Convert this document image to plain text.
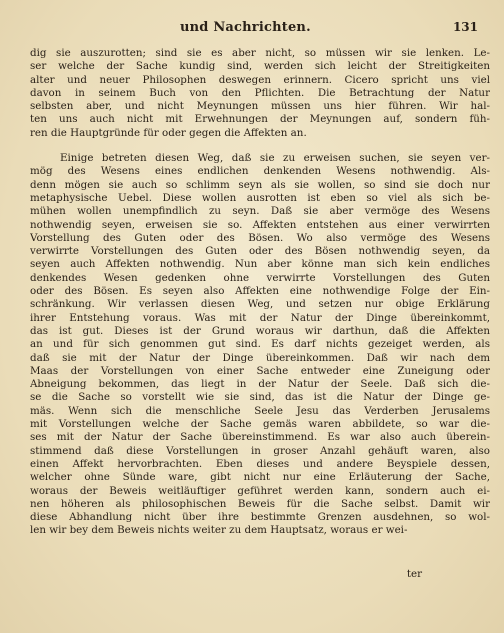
und Nachrichten.	131
dig sie auszurotten; sind sie es aber nicht, so müssen wir sie lenken. Le-
ser welche der Sache kundig sind, werden sich leicht der Streitigkeiten
alter und neuer Philosophen deswegen erinnern. Cicero spricht uns viel
davon in seinem Buch von den Pflichten. Die Betrachtung der Natur
selbsten aber, und nicht Meynungen müssen uns hier führen. Wir hal-
ten uns auch nicht mit Erwehnungen der Meynungen auf, sondern füh-
ren die Hauptgründe für oder gegen die Affekten an.
Einige betreten diesen Weg, daß sie zu erweisen suchen, sie seyen ver-
mög des Wesens eines endlichen denkenden Wesens nothwendig. Als-
denn mögen sie auch so schlimm seyn als sie wollen, so sind sie doch nur
metaphysische Uebel. Diese wollen ausrotten ist eben so viel als sich be-
mühen wollen unempfindlich zu seyn. Daß sie aber vermöge des Wesens
nothwendig seyen, erweisen sie so. Affekten entstehen aus einer verwirrten
Vorstellung des Guten oder des Bösen. Wo also vermöge des Wesens
verwirrte Vorstellungen des Guten oder des Bösen nothwendig seyen, da
seyen auch Affekten nothwendig. Nun aber könne man sich kein endliches
denkendes Wesen gedenken ohne verwirrte Vorstellungen des Guten
oder des Bösen. Es seyen also Affekten eine nothwendige Folge der Ein-
schränkung. Wir verlassen diesen Weg, und setzen nur obige Erklärung
ihrer Entstehung voraus. Was mit der Natur der Dinge übereinkommt,
das ist gut. Dieses ist der Grund woraus wir darthun, daß die Affekten
an und für sich genommen gut sind. Es darf nichts gezeiget werden, als
daß sie mit der Natur der Dinge übereinkommen. Daß wir nach dem
Maas der Vorstellungen von einer Sache entweder eine Zuneigung oder
Abneigung bekommen, das liegt in der Natur der Seele. Daß sich die-
se die Sache so vorstellt wie sie sind, das ist die Natur der Dinge ge-
mäs. Wenn sich die menschliche Seele Jesu das Verderben Jerusalems
mit Vorstellungen welche der Sache gemäs waren abbildete, so war die-
ses mit der Natur der Sache übereinstimmend. Es war also auch überein-
stimmend daß diese Vorstellungen in groser Anzahl gehäuft waren, also
einen Affekt hervorbrachten. Eben dieses und andere Beyspiele dessen,
welcher ohne Sünde ware, gibt nicht nur eine Erläuterung der Sache,
woraus der Beweis weitläuftiger geführet werden kann, sondern auch ei-
nen höheren als philosophischen Beweis für die Sache selbst. Damit wir
diese Abhandlung nicht über ihre bestimmte Grenzen ausdehnen, so wol-
len wir bey dem Beweis nichts weiter zu dem Hauptsatz, woraus er wei-
ter
